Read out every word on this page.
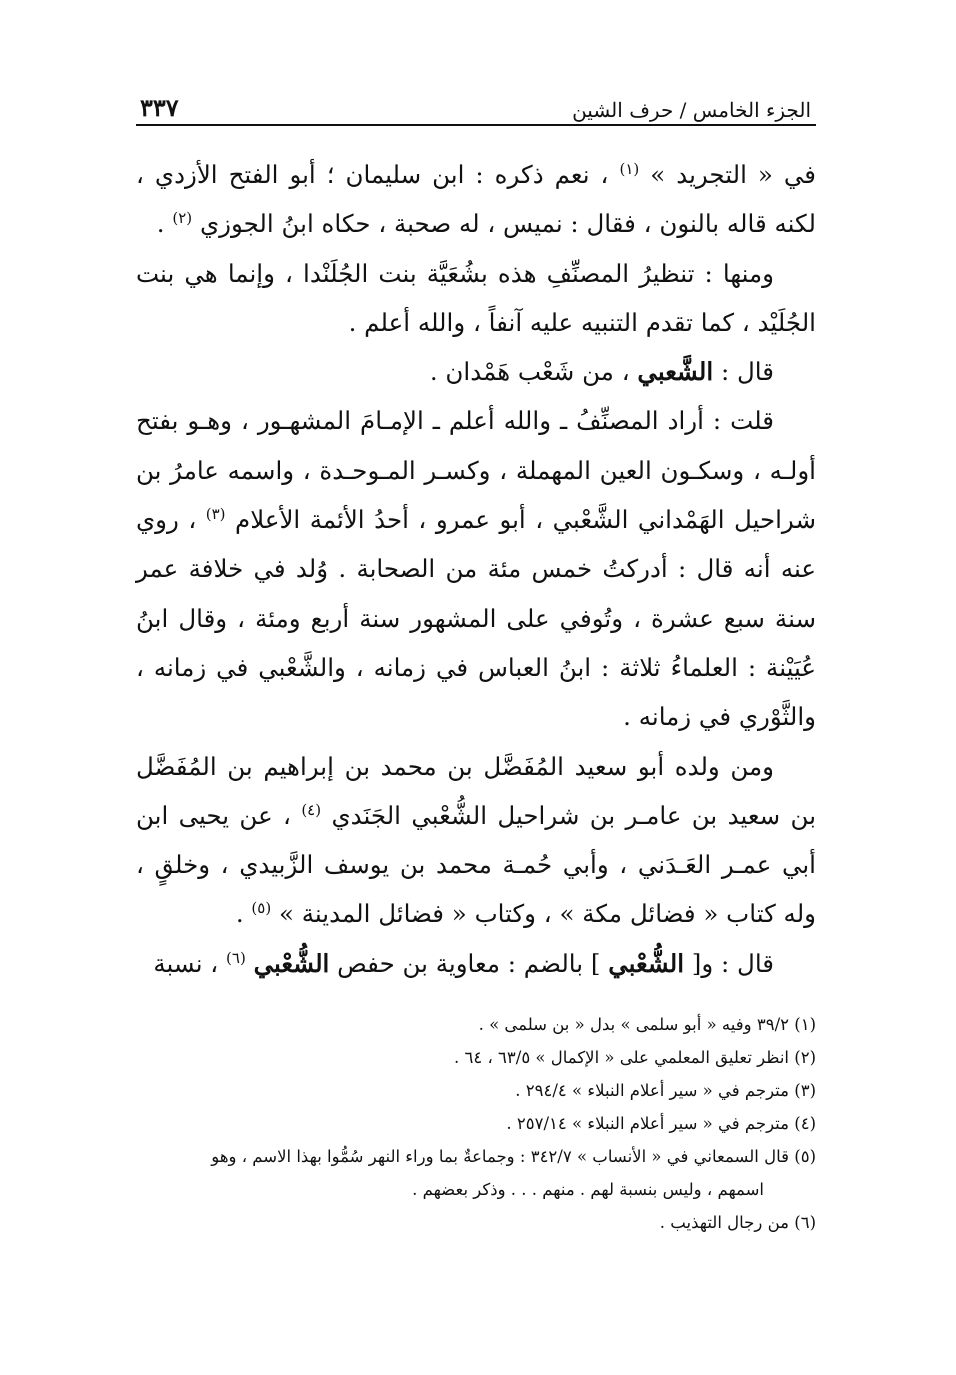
الجزء الخامس / حرف الشين
٣٣٧

في « التجريد » $^{(١)}$ ، نعم ذكره : ابن سليمان ؛ أبو الفتح الأزدي ، لكنه قاله بالنون ، فقال : نميس ، له صحبة ، حكاه ابنُ الجوزي $^{(٢)}$ .

ومنها : تنظيرُ المصنِّفِ هذه بشُعَيَّة بنت الجُلَنْدا ، وإنما هي بنت الجُلَيْد ، كما تقدم التنبيه عليه آنفاً ، والله أعلم .

قال : الشَّعبي ، من شَعْب هَمْدان .

قلت : أراد المصنِّفُ ـ والله أعلم ـ الإمـامَ المشهـور ، وهـو بفتح أولـه ، وسكـون العين المهملة ، وكسـر المـوحـدة ، واسمه عامرُ بن شراحيل الهَمْداني الشَّعْبي ، أبو عمرو ، أحدُ الأئمة الأعلام $^{(٣)}$ ، روي عنه أنه قال : أدركتُ خمس مئة من الصحابة . وُلد في خلافة عمر سنة سبع عشرة ، وتُوفي على المشهور سنة أربع ومئة ، وقال ابنُ عُيَيْنة : العلماءُ ثلاثة : ابنُ العباس في زمانه ، والشَّعْبي في زمانه ، والثَّوْري في زمانه .

ومن ولده أبو سعيد المُفَضَّل بن محمد بن إبراهيم بن المُفَضَّل بن سعيد بن عامـر بن شراحيل الشُّعْبي الجَنَدي $^{(٤)}$ ، عن يحيى ابن أبي عمـر العَـدَني ، وأبي حُمـة محمد بن يوسف الزَّبيدي ، وخلقٍ ، وله كتاب « فضائل مكة » ، وكتاب « فضائل المدينة » $^{(٥)}$ .

قال : و[ الشُّعْبي ] بالضم : معاوية بن حفص الشُّعْبي $^{(٦)}$ ، نسبة

(١) ٣٩/٢ وفيه « أبو سلمى » بدل « بن سلمى » .

(٢) انظر تعليق المعلمي على « الإكمال » ٦٣/٥ ، ٦٤ .

(٣) مترجم في « سير أعلام النبلاء » ٢٩٤/٤ .

(٤) مترجم في « سير أعلام النبلاء » ٢٥٧/١٤ .

(٥) قال السمعاني في « الأنساب » ٣٤٢/٧ : وجماعةٌ بما وراء النهر سُمُّوا بهذا الاسم ، وهو

اسمهم ، وليس بنسبة لهم . منهم . . . وذكر بعضهم .

(٦) من رجال التهذيب .
